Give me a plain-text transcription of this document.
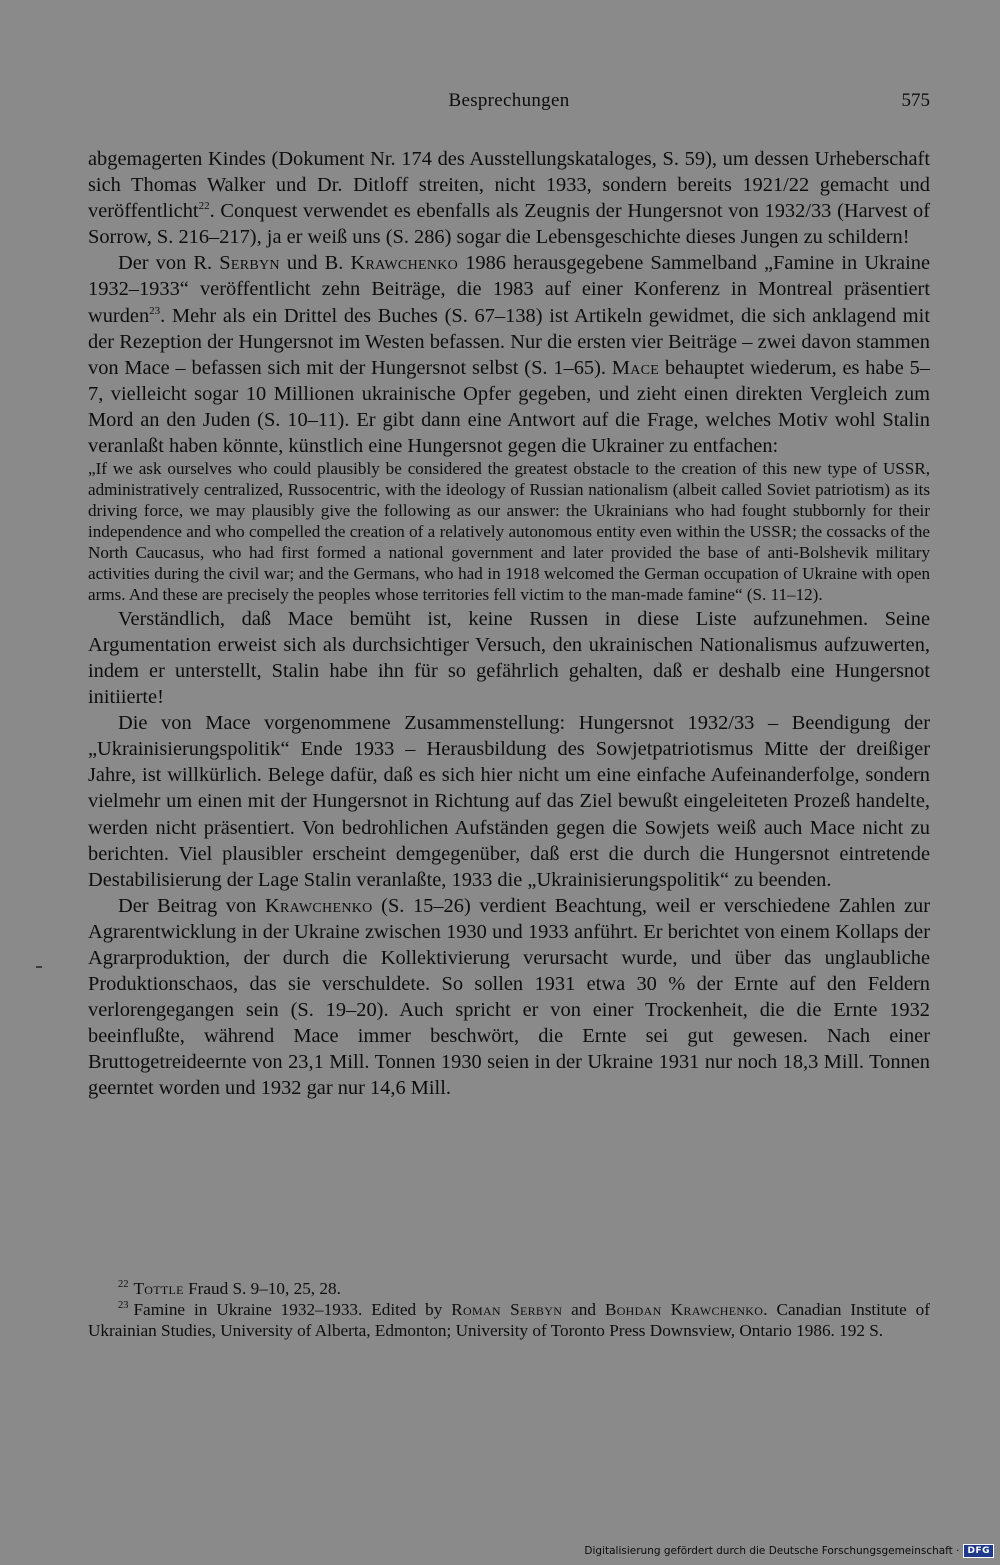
Besprechungen	575

abgemagerten Kindes (Dokument Nr. 174 des Ausstellungskataloges, S. 59), um dessen Urheberschaft sich Thomas Walker und Dr. Ditloff streiten, nicht 1933, sondern bereits 1921/22 gemacht und veröffentlicht$^{22}$. Conquest verwendet es ebenfalls als Zeugnis der Hungersnot von 1932/33 (Harvest of Sorrow, S. 216–217), ja er weiß uns (S. 286) sogar die Lebensgeschichte dieses Jungen zu schildern!

Der von R. Serbyn und B. Krawchenko 1986 herausgegebene Sammelband „Famine in Ukraine 1932–1933“ veröffentlicht zehn Beiträge, die 1983 auf einer Konferenz in Montreal präsentiert wurden$^{23}$. Mehr als ein Drittel des Buches (S. 67–138) ist Artikeln gewidmet, die sich anklagend mit der Rezeption der Hungersnot im Westen befassen. Nur die ersten vier Beiträge – zwei davon stammen von Mace – befassen sich mit der Hungersnot selbst (S. 1–65). Mace behauptet wiederum, es habe 5–7, vielleicht sogar 10 Millionen ukrainische Opfer gegeben, und zieht einen direkten Vergleich zum Mord an den Juden (S. 10–11). Er gibt dann eine Antwort auf die Frage, welches Motiv wohl Stalin veranlaßt haben könnte, künstlich eine Hungersnot gegen die Ukrainer zu entfachen:

„If we ask ourselves who could plausibly be considered the greatest obstacle to the creation of this new type of USSR, administratively centralized, Russocentric, with the ideology of Russian nationalism (albeit called Soviet patriotism) as its driving force, we may plausibly give the following as our answer: the Ukrainians who had fought stubbornly for their independence and who compelled the creation of a relatively autonomous entity even within the USSR; the cossacks of the North Caucasus, who had first formed a national government and later provided the base of anti-Bolshevik military activities during the civil war; and the Germans, who had in 1918 welcomed the German occupation of Ukraine with open arms. And these are precisely the peoples whose territories fell victim to the man-made famine“ (S. 11–12).

Verständlich, daß Mace bemüht ist, keine Russen in diese Liste aufzunehmen. Seine Argumentation erweist sich als durchsichtiger Versuch, den ukrainischen Nationalismus aufzuwerten, indem er unterstellt, Stalin habe ihn für so gefährlich gehalten, daß er deshalb eine Hungersnot initiierte!

Die von Mace vorgenommene Zusammenstellung: Hungersnot 1932/33 – Beendigung der „Ukrainisierungspolitik“ Ende 1933 – Herausbildung des Sowjetpatriotismus Mitte der dreißiger Jahre, ist willkürlich. Belege dafür, daß es sich hier nicht um eine einfache Aufeinanderfolge, sondern vielmehr um einen mit der Hungersnot in Richtung auf das Ziel bewußt eingeleiteten Prozeß handelte, werden nicht präsentiert. Von bedrohlichen Aufständen gegen die Sowjets weiß auch Mace nicht zu berichten. Viel plausibler erscheint demgegenüber, daß erst die durch die Hungersnot eintretende Destabilisierung der Lage Stalin veranlaßte, 1933 die „Ukrainisierungspolitik“ zu beenden.

Der Beitrag von Krawchenko (S. 15–26) verdient Beachtung, weil er verschiedene Zahlen zur Agrarentwicklung in der Ukraine zwischen 1930 und 1933 anführt. Er berichtet von einem Kollaps der Agrarproduktion, der durch die Kollektivierung verursacht wurde, und über das unglaubliche Produktionschaos, das sie verschuldete. So sollen 1931 etwa 30 % der Ernte auf den Feldern verlorengegangen sein (S. 19–20). Auch spricht er von einer Trockenheit, die die Ernte 1932 beeinflußte, während Mace immer beschwört, die Ernte sei gut gewesen. Nach einer Bruttogetreideernte von 23,1 Mill. Tonnen 1930 seien in der Ukraine 1931 nur noch 18,3 Mill. Tonnen geerntet worden und 1932 gar nur 14,6 Mill.

$^{22}$ Tottle Fraud S. 9–10, 25, 28.

$^{23}$ Famine in Ukraine 1932–1933. Edited by Roman Serbyn and Bohdan Krawchenko. Canadian Institute of Ukrainian Studies, University of Alberta, Edmonton; University of Toronto Press Downsview, Ontario 1986. 192 S.

Digitalisierung gefördert durch die Deutsche Forschungsgemeinschaft · DFG
